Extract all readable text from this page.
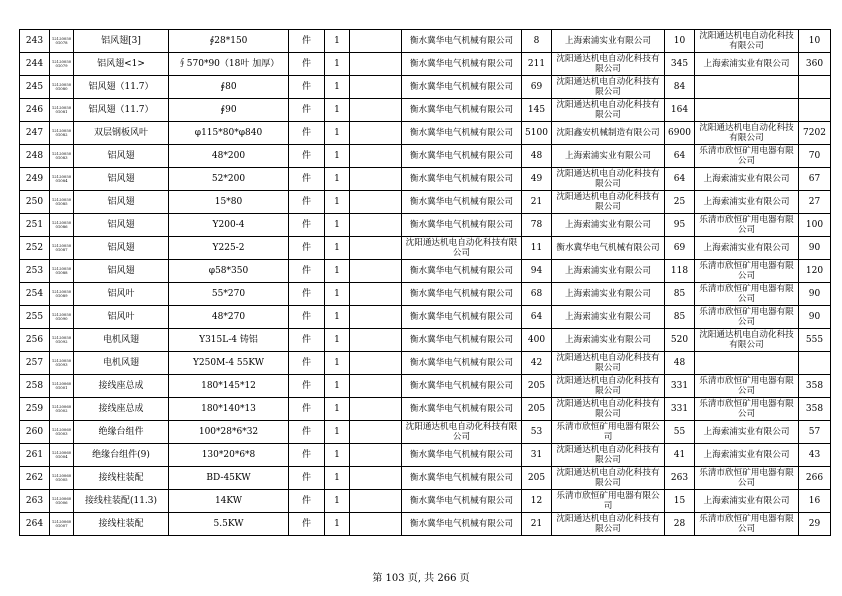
243	12120050 01078	铝风翅[3]	∮28*150	件	1		衡水冀华电气机械有限公司	8	上海索浦实业有限公司	10	沈阳通达机电自动化科技有限公司	10
244	12120050 01079	铝风翅<1>	∮570*90（18叶 加厚）	件	1		衡水冀华电气机械有限公司	211	沈阳通达机电自动化科技有限公司	345	上海索浦实业有限公司	360
245	12120050 01080	铝风翅（11.7）	∮80	件	1		衡水冀华电气机械有限公司	69	沈阳通达机电自动化科技有限公司	84		
246	12120050 01081	铝风翅（11.7）	∮90	件	1		衡水冀华电气机械有限公司	145	沈阳通达机电自动化科技有限公司	164		
247	12120050 01082	双层钢板风叶	φ115*80*φ840	件	1		衡水冀华电气机械有限公司	5100	沈阳鑫安机械制造有限公司	6900	沈阳通达机电自动化科技有限公司	7202
248	12120050 01083	铝风翅	48*200	件	1		衡水冀华电气机械有限公司	48	上海索浦实业有限公司	64	乐清市欣恒矿用电器有限公司	70
249	12120050 01084	铝风翅	52*200	件	1		衡水冀华电气机械有限公司	49	沈阳通达机电自动化科技有限公司	64	上海索浦实业有限公司	67
250	12120050 01085	铝风翅	15*80	件	1		衡水冀华电气机械有限公司	21	沈阳通达机电自动化科技有限公司	25	上海索浦实业有限公司	27
251	12120050 01086	铝风翅	Y200-4	件	1		衡水冀华电气机械有限公司	78	上海索浦实业有限公司	95	乐清市欣恒矿用电器有限公司	100
252	12120050 01087	铝风翅	Y225-2	件	1		沈阳通达机电自动化科技有限公司	11	衡水冀华电气机械有限公司	69	上海索浦实业有限公司	90
253	12120050 01088	铝风翅	φ58*350	件	1		衡水冀华电气机械有限公司	94	上海索浦实业有限公司	118	乐清市欣恒矿用电器有限公司	120
254	12120050 01089	铝风叶	55*270	件	1		衡水冀华电气机械有限公司	68	上海索浦实业有限公司	85	乐清市欣恒矿用电器有限公司	90
255	12120050 01090	铝风叶	48*270	件	1		衡水冀华电气机械有限公司	64	上海索浦实业有限公司	85	乐清市欣恒矿用电器有限公司	90
256	12120050 01092	电机风翅	Y315L-4 铸铝	件	1		衡水冀华电气机械有限公司	400	上海索浦实业有限公司	520	沈阳通达机电自动化科技有限公司	555
257	12120050 01093	电机风翅	Y250M-4 55KW	件	1		衡水冀华电气机械有限公司	42	沈阳通达机电自动化科技有限公司	48		
258	12120060 01001	接线座总成	180*145*12	件	1		衡水冀华电气机械有限公司	205	沈阳通达机电自动化科技有限公司	331	乐清市欣恒矿用电器有限公司	358
259	12120060 01002	接线座总成	180*140*13	件	1		衡水冀华电气机械有限公司	205	沈阳通达机电自动化科技有限公司	331	乐清市欣恒矿用电器有限公司	358
260	12120060 01003	绝缘台组件	100*28*6*32	件	1		沈阳通达机电自动化科技有限公司	53	乐清市欣恒矿用电器有限公司	55	上海索浦实业有限公司	57
261	12120060 01004	绝缘台组件(9)	130*20*6*8	件	1		衡水冀华电气机械有限公司	31	沈阳通达机电自动化科技有限公司	41	上海索浦实业有限公司	43
262	12120060 01005	接线柱装配	BD-45KW	件	1		衡水冀华电气机械有限公司	205	沈阳通达机电自动化科技有限公司	263	乐清市欣恒矿用电器有限公司	266
263	12120060 01006	接线柱装配(11.3)	14KW	件	1		衡水冀华电气机械有限公司	12	乐清市欣恒矿用电器有限公司	15	上海索浦实业有限公司	16
264	12120060 01007	接线柱装配	5.5KW	件	1		衡水冀华电气机械有限公司	21	沈阳通达机电自动化科技有限公司	28	乐清市欣恒矿用电器有限公司	29
第 103 页, 共 266 页
